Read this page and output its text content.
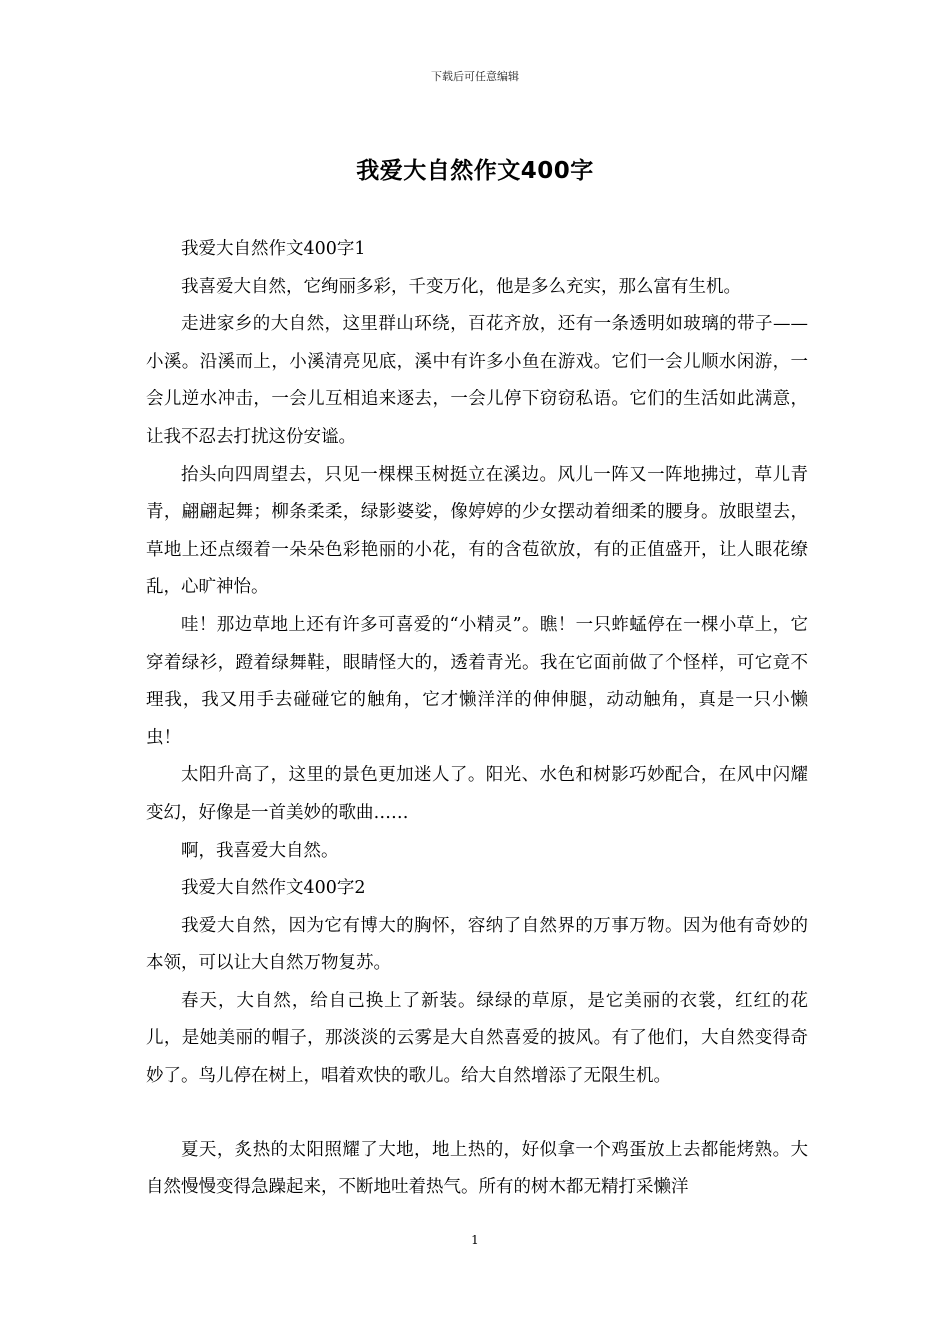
下载后可任意编辑
我爱大自然作文400字

我爱大自然作文400字1

我喜爱大自然，它绚丽多彩，千变万化，他是多么充实，那么富有生机。

走进家乡的大自然，这里群山环绕，百花齐放，还有一条透明如玻璃的带子——小溪。沿溪而上，小溪清亮见底，溪中有许多小鱼在游戏。它们一会儿顺水闲游，一会儿逆水冲击，一会儿互相追来逐去，一会儿停下窃窃私语。它们的生活如此满意，让我不忍去打扰这份安谧。

抬头向四周望去，只见一棵棵玉树挺立在溪边。风儿一阵又一阵地拂过，草儿青青，翩翩起舞；柳条柔柔，绿影婆娑，像婷婷的少女摆动着细柔的腰身。放眼望去，草地上还点缀着一朵朵色彩艳丽的小花，有的含苞欲放，有的正值盛开，让人眼花缭乱，心旷神怡。

哇！那边草地上还有许多可喜爱的“小精灵”。瞧！一只蚱蜢停在一棵小草上，它穿着绿衫，蹬着绿舞鞋，眼睛怪大的，透着青光。我在它面前做了个怪样，可它竟不理我，我又用手去碰碰它的触角，它才懒洋洋的伸伸腿，动动触角，真是一只小懒虫！

太阳升高了，这里的景色更加迷人了。阳光、水色和树影巧妙配合，在风中闪耀变幻，好像是一首美妙的歌曲……

啊，我喜爱大自然。

我爱大自然作文400字2

我爱大自然，因为它有博大的胸怀，容纳了自然界的万事万物。因为他有奇妙的本领，可以让大自然万物复苏。

春天，大自然，给自己换上了新装。绿绿的草原，是它美丽的衣裳，红红的花儿，是她美丽的帽子，那淡淡的云雾是大自然喜爱的披风。有了他们，大自然变得奇妙了。鸟儿停在树上，唱着欢快的歌儿。给大自然增添了无限生机。

夏天，炙热的太阳照耀了大地，地上热的，好似拿一个鸡蛋放上去都能烤熟。大自然慢慢变得急躁起来，不断地吐着热气。所有的树木都无精打采懒洋

1
